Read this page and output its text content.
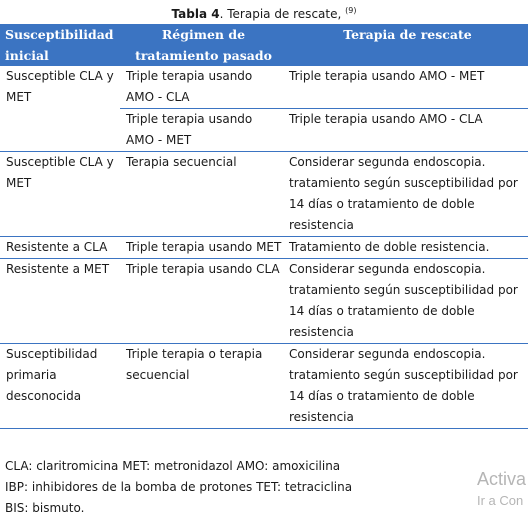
Tabla 4. Terapia de rescate, $^{(9)}$
Susceptibilidad inicial	Régimen de tratamiento pasado	Terapia de rescate
Susceptible CLA y MET	Triple terapia usando AMO - CLA	Triple terapia usando AMO - MET
	Triple terapia usando AMO - MET	Triple terapia usando AMO - CLA
Susceptible CLA y MET	Terapia secuencial	Considerar segunda endoscopia. tratamiento según susceptibilidad por 14 días o tratamiento de doble resistencia
Resistente a CLA	Triple terapia usando MET	Tratamiento de doble resistencia.
Resistente a MET	Triple terapia usando CLA	Considerar segunda endoscopia. tratamiento según susceptibilidad por 14 días o tratamiento de doble resistencia
Susceptibilidad primaria desconocida	Triple terapia o terapia secuencial	Considerar segunda endoscopia. tratamiento según susceptibilidad por 14 días o tratamiento de doble resistencia
CLA: claritromicina MET: metronidazol AMO: amoxicilina
IBP: inhibidores de la bomba de protones TET: tetraciclina
BIS: bismuto.
Activa
Ir a Con
